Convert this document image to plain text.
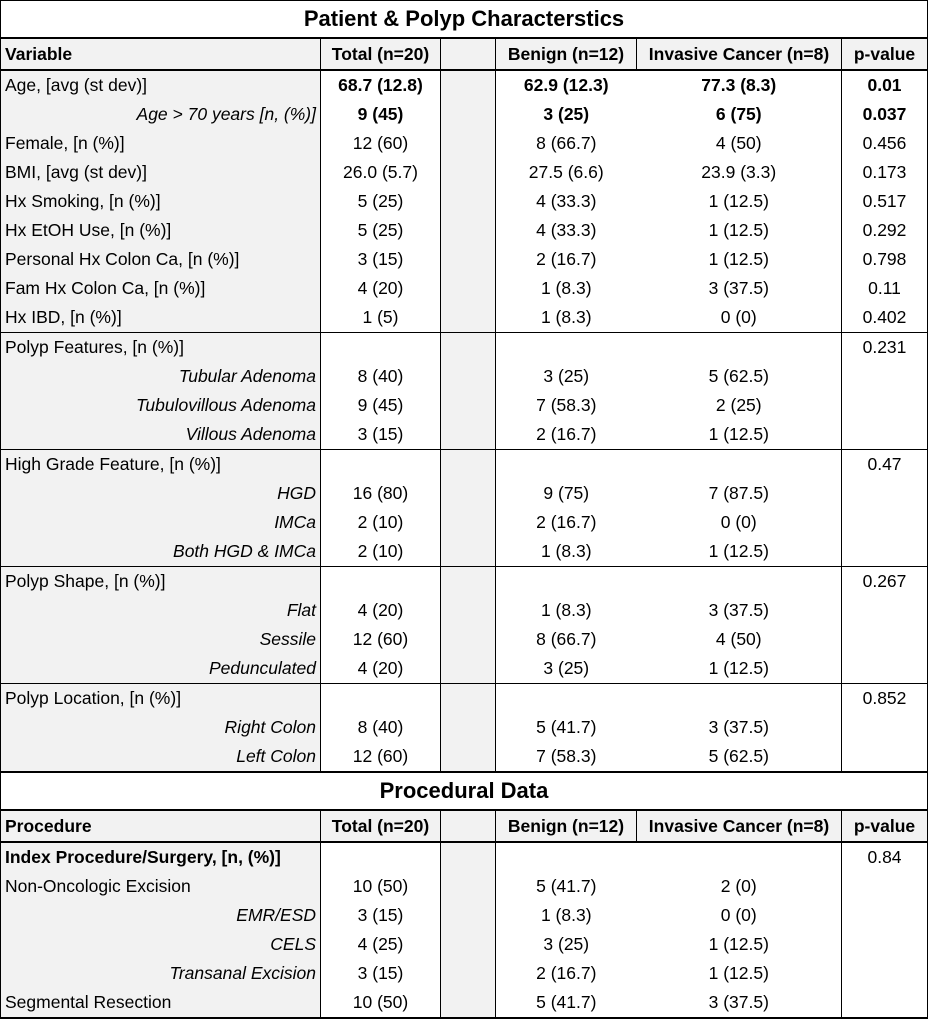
Patient & Polyp Characterstics					
Variable	Total (n=20)		Benign (n=12)	Invasive Cancer (n=8)	p-value
Age, [avg (st dev)]	68.7 (12.8)		62.9 (12.3)	77.3 (8.3)	0.01
Age > 70 years [n, (%)]	9 (45)		3 (25)	6 (75)	0.037
Female, [n (%)]	12 (60)		8 (66.7)	4 (50)	0.456
BMI, [avg (st dev)]	26.0 (5.7)		27.5 (6.6)	23.9 (3.3)	0.173
Hx Smoking, [n (%)]	5 (25)		4 (33.3)	1 (12.5)	0.517
Hx EtOH Use, [n (%)]	5 (25)		4 (33.3)	1 (12.5)	0.292
Personal Hx Colon Ca, [n (%)]	3 (15)		2 (16.7)	1 (12.5)	0.798
Fam Hx Colon Ca, [n (%)]	4 (20)		1 (8.3)	3 (37.5)	0.11
Hx IBD, [n (%)]	1 (5)		1 (8.3)	0 (0)	0.402
Polyp Features, [n (%)]					0.231
Tubular Adenoma	8 (40)		3 (25)	5 (62.5)	
Tubulovillous Adenoma	9 (45)		7 (58.3)	2 (25)	
Villous Adenoma	3 (15)		2 (16.7)	1 (12.5)	
High Grade Feature, [n (%)]					0.47
HGD	16 (80)		9 (75)	7 (87.5)	
IMCa	2 (10)		2 (16.7)	0 (0)	
Both HGD & IMCa	2 (10)		1 (8.3)	1 (12.5)	
Polyp Shape, [n (%)]					0.267
Flat	4 (20)		1 (8.3)	3 (37.5)	
Sessile	12 (60)		8 (66.7)	4 (50)	
Pedunculated	4 (20)		3 (25)	1 (12.5)	
Polyp Location, [n (%)]					0.852
Right Colon	8 (40)		5 (41.7)	3 (37.5)	
Left Colon	12 (60)		7 (58.3)	5 (62.5)	
Procedural Data					
Procedure	Total (n=20)		Benign (n=12)	Invasive Cancer (n=8)	p-value
Index Procedure/Surgery, [n, (%)]					0.84
Non-Oncologic Excision	10 (50)		5 (41.7)	2 (0)	
EMR/ESD	3 (15)		1 (8.3)	0 (0)	
CELS	4 (25)		3 (25)	1 (12.5)	
Transanal Excision	3 (15)		2 (16.7)	1 (12.5)	
Segmental Resection	10 (50)		5 (41.7)	3 (37.5)	
